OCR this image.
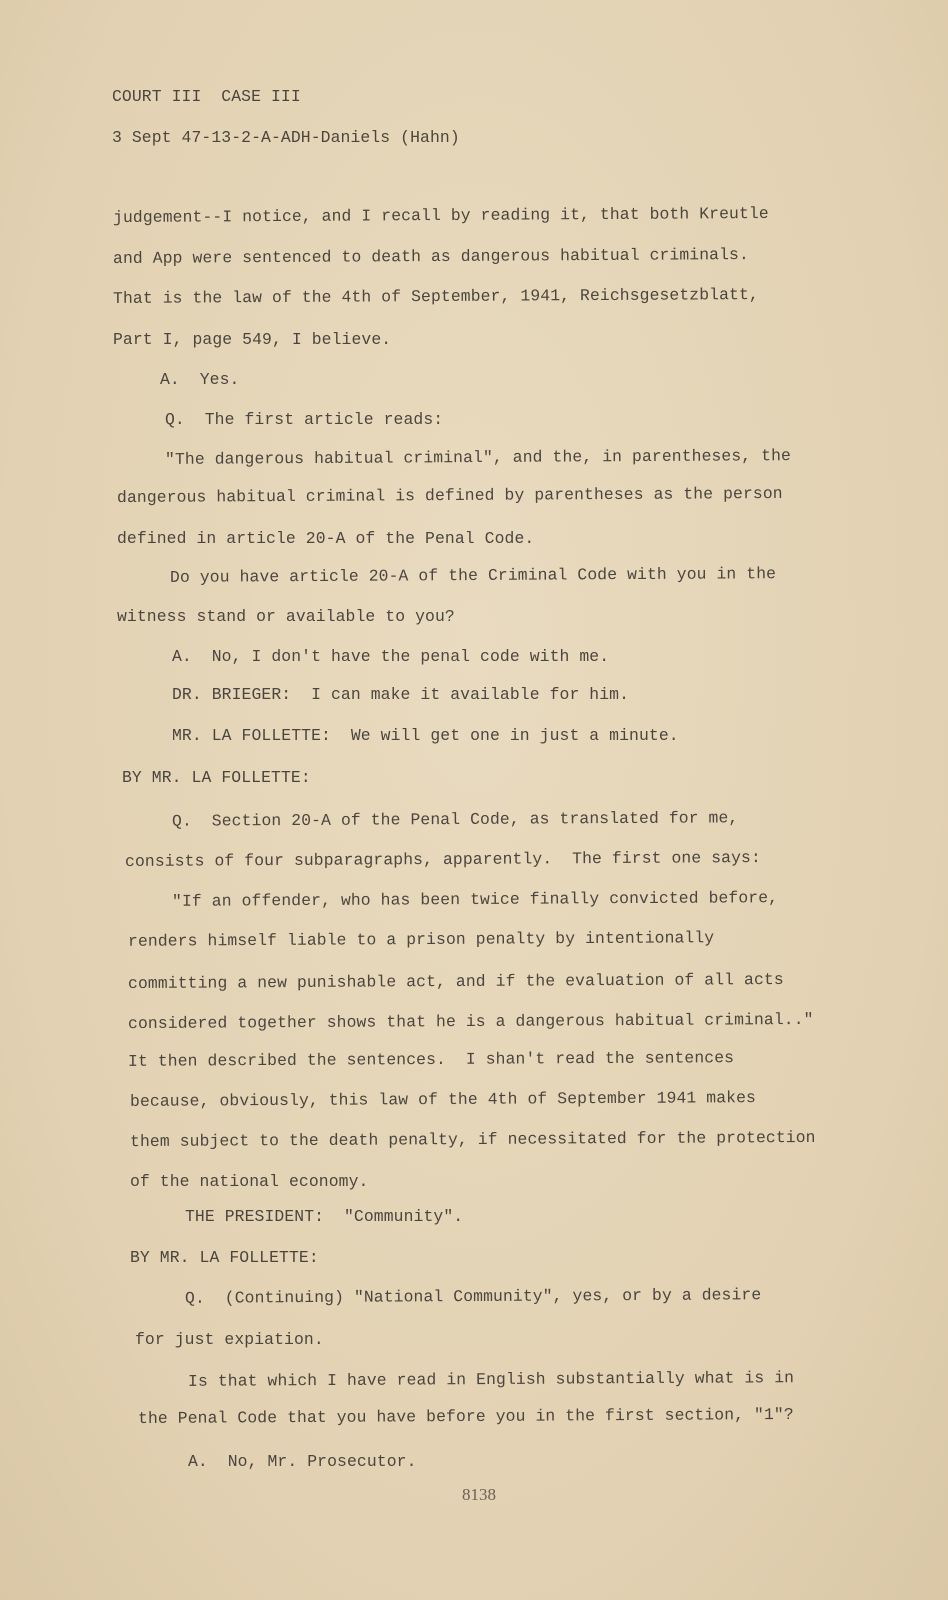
COURT III  CASE III
3 Sept 47-13-2-A-ADH-Daniels (Hahn)
judgement--I notice, and I recall by reading it, that both Kreutle
and App were sentenced to death as dangerous habitual criminals.
That is the law of the 4th of September, 1941, Reichsgesetzblatt,
Part I, page 549, I believe.
A.  Yes.
Q.  The first article reads:
"The dangerous habitual criminal", and the, in parentheses, the
dangerous habitual criminal is defined by parentheses as the person
defined in article 20-A of the Penal Code.
Do you have article 20-A of the Criminal Code with you in the
witness stand or available to you?
A.  No, I don't have the penal code with me.
DR. BRIEGER:  I can make it available for him.
MR. LA FOLLETTE:  We will get one in just a minute.
BY MR. LA FOLLETTE:
Q.  Section 20-A of the Penal Code, as translated for me,
consists of four subparagraphs, apparently.  The first one says:
"If an offender, who has been twice finally convicted before,
renders himself liable to a prison penalty by intentionally
committing a new punishable act, and if the evaluation of all acts
considered together shows that he is a dangerous habitual criminal.."
It then described the sentences.  I shan't read the sentences
because, obviously, this law of the 4th of September 1941 makes
them subject to the death penalty, if necessitated for the protection
of the national economy.
THE PRESIDENT:  "Community".
BY MR. LA FOLLETTE:
Q.  (Continuing) "National Community", yes, or by a desire
for just expiation.
Is that which I have read in English substantially what is in
the Penal Code that you have before you in the first section, "1"?
A.  No, Mr. Prosecutor.
8138
